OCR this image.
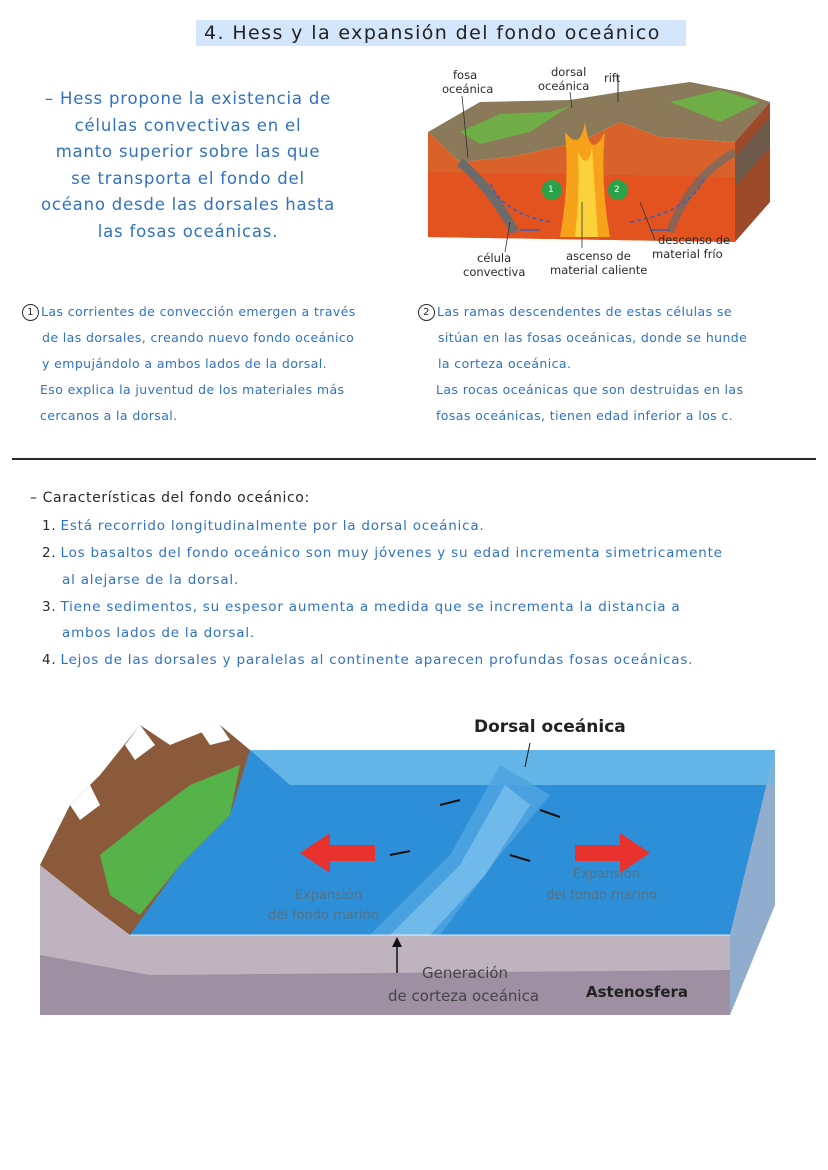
4. Hess y la expansión del fondo oceánico
– Hess propone la existencia de
células convectivas en el
manto superior sobre las que
se transporta el fondo del
océano desde las dorsales hasta
las fosas oceánicas.
fosa
oceánica
dorsal
oceánica
rift
1	2
célula
convectiva
ascenso de
material caliente
descenso de
material frío
1 Las corrientes de convección emergen a través
de las dorsales, creando nuevo fondo oceánico
y empujándolo a ambos lados de la dorsal.
Eso explica la juventud de los materiales más
cercanos a la dorsal.
2 Las ramas descendentes de estas células se
sitúan en las fosas oceánicas, donde se hunde
la corteza oceánica.
Las rocas oceánicas que son destruidas en las
fosas oceánicas, tienen edad inferior a los c.
– Características del fondo oceánico:
1. Está recorrido longitudinalmente por la dorsal oceánica.
2. Los basaltos del fondo oceánico son muy jóvenes y su edad incrementa simetricamente
al alejarse de la dorsal.
3. Tiene sedimentos, su espesor aumenta a medida que se incrementa la distancia a
ambos lados de la dorsal.
4. Lejos de las dorsales y paralelas al continente aparecen profundas fosas oceánicas.
Dorsal oceánica
Expansión
del fondo marino
Expansión
del fondo marino
Generación
de corteza oceánica	Astenosfera
